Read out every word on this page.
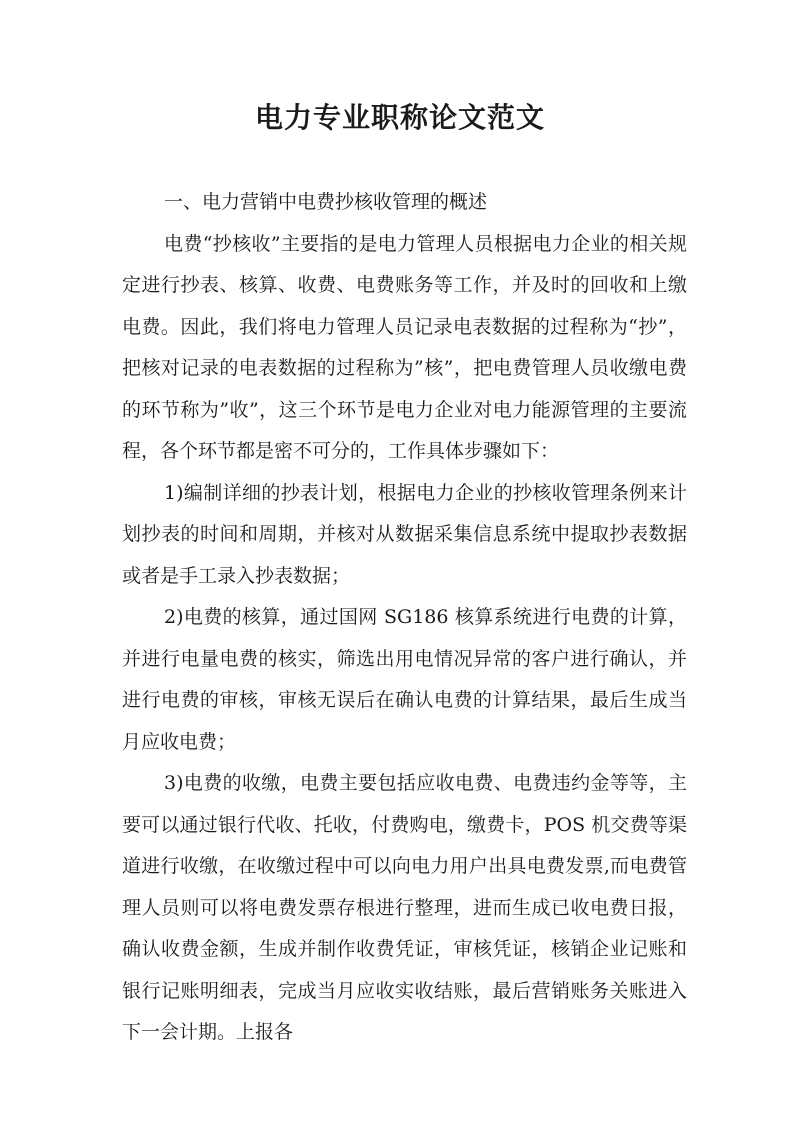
电力专业职称论文范文

一、电力营销中电费抄核收管理的概述

电费“抄核收”主要指的是电力管理人员根据电力企业的相关规定进行抄表、核算、收费、电费账务等工作，并及时的回收和上缴电费。因此，我们将电力管理人员记录电表数据的过程称为“抄”，把核对记录的电表数据的过程称为”核”，把电费管理人员收缴电费的环节称为”收”，这三个环节是电力企业对电力能源管理的主要流程，各个环节都是密不可分的，工作具体步骤如下：

1)编制详细的抄表计划，根据电力企业的抄核收管理条例来计划抄表的时间和周期，并核对从数据采集信息系统中提取抄表数据或者是手工录入抄表数据；

2)电费的核算，通过国网 SG186 核算系统进行电费的计算，并进行电量电费的核实，筛选出用电情况异常的客户进行确认，并进行电费的审核，审核无误后在确认电费的计算结果，最后生成当月应收电费；

3)电费的收缴，电费主要包括应收电费、电费违约金等等，主要可以通过银行代收、托收，付费购电，缴费卡，POS 机交费等渠道进行收缴，在收缴过程中可以向电力用户出具电费发票,而电费管理人员则可以将电费发票存根进行整理，进而生成已收电费日报，确认收费金额，生成并制作收费凭证，审核凭证，核销企业记账和银行记账明细表，完成当月应收实收结账，最后营销账务关账进入下一会计期。上报各
